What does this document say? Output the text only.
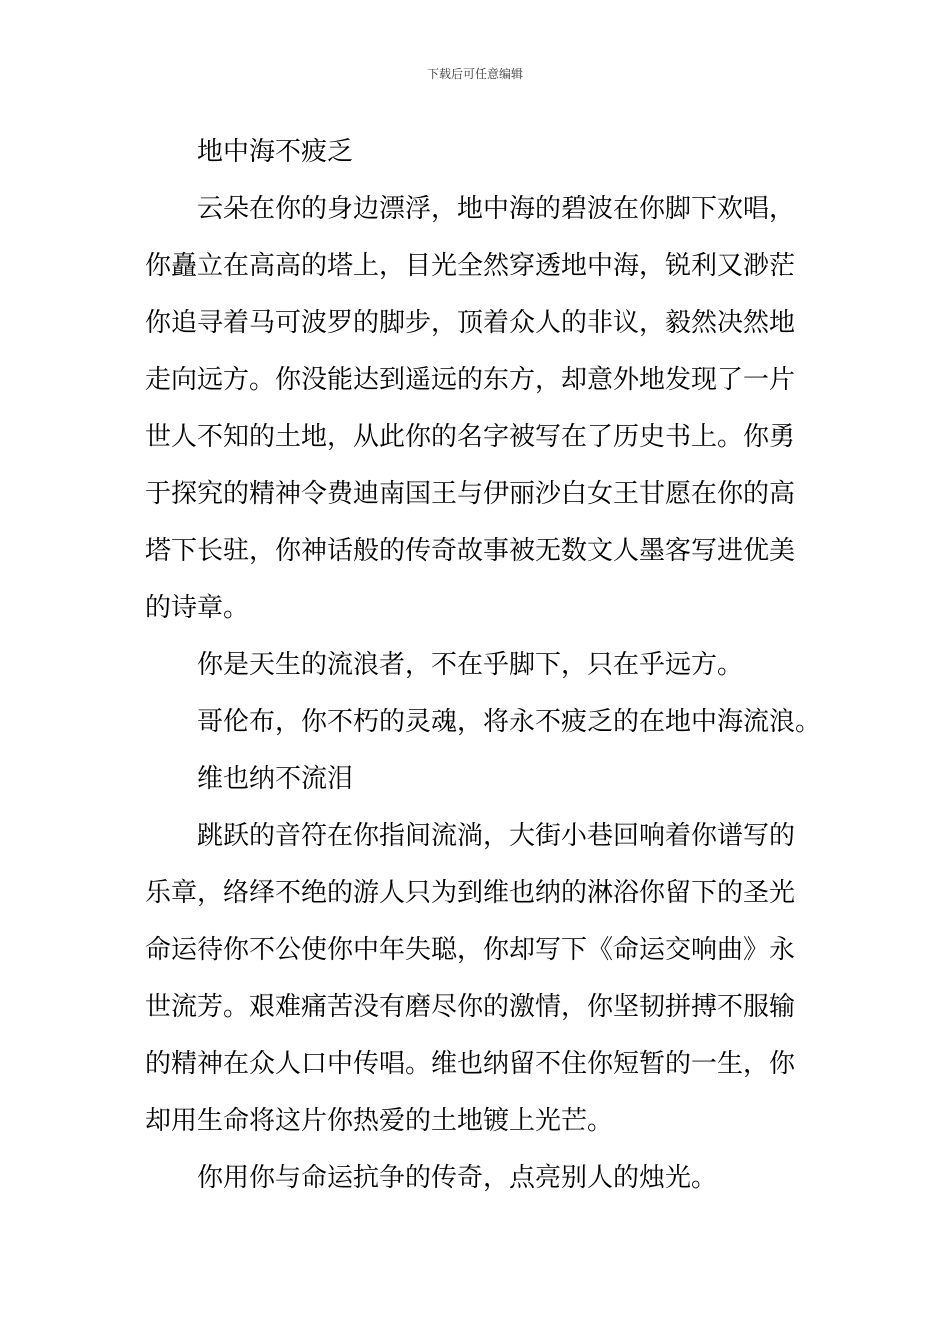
下载后可任意编辑

地中海不疲乏

云朵在你的身边漂浮，地中海的碧波在你脚下欢唱，

你矗立在高高的塔上，目光全然穿透地中海，锐利又渺茫

你追寻着马可波罗的脚步，顶着众人的非议，毅然决然地

走向远方。你没能达到遥远的东方，却意外地发现了一片

世人不知的土地，从此你的名字被写在了历史书上。你勇

于探究的精神令费迪南国王与伊丽沙白女王甘愿在你的高

塔下长驻，你神话般的传奇故事被无数文人墨客写进优美

的诗章。

你是天生的流浪者，不在乎脚下，只在乎远方。

哥伦布，你不朽的灵魂，将永不疲乏的在地中海流浪。

维也纳不流泪

跳跃的音符在你指间流淌，大街小巷回响着你谱写的

乐章，络绎不绝的游人只为到维也纳的淋浴你留下的圣光

命运待你不公使你中年失聪，你却写下《命运交响曲》永

世流芳。艰难痛苦没有磨尽你的激情，你坚韧拼搏不服输

的精神在众人口中传唱。维也纳留不住你短暂的一生，你

却用生命将这片你热爱的土地镀上光芒。

你用你与命运抗争的传奇，点亮别人的烛光。
